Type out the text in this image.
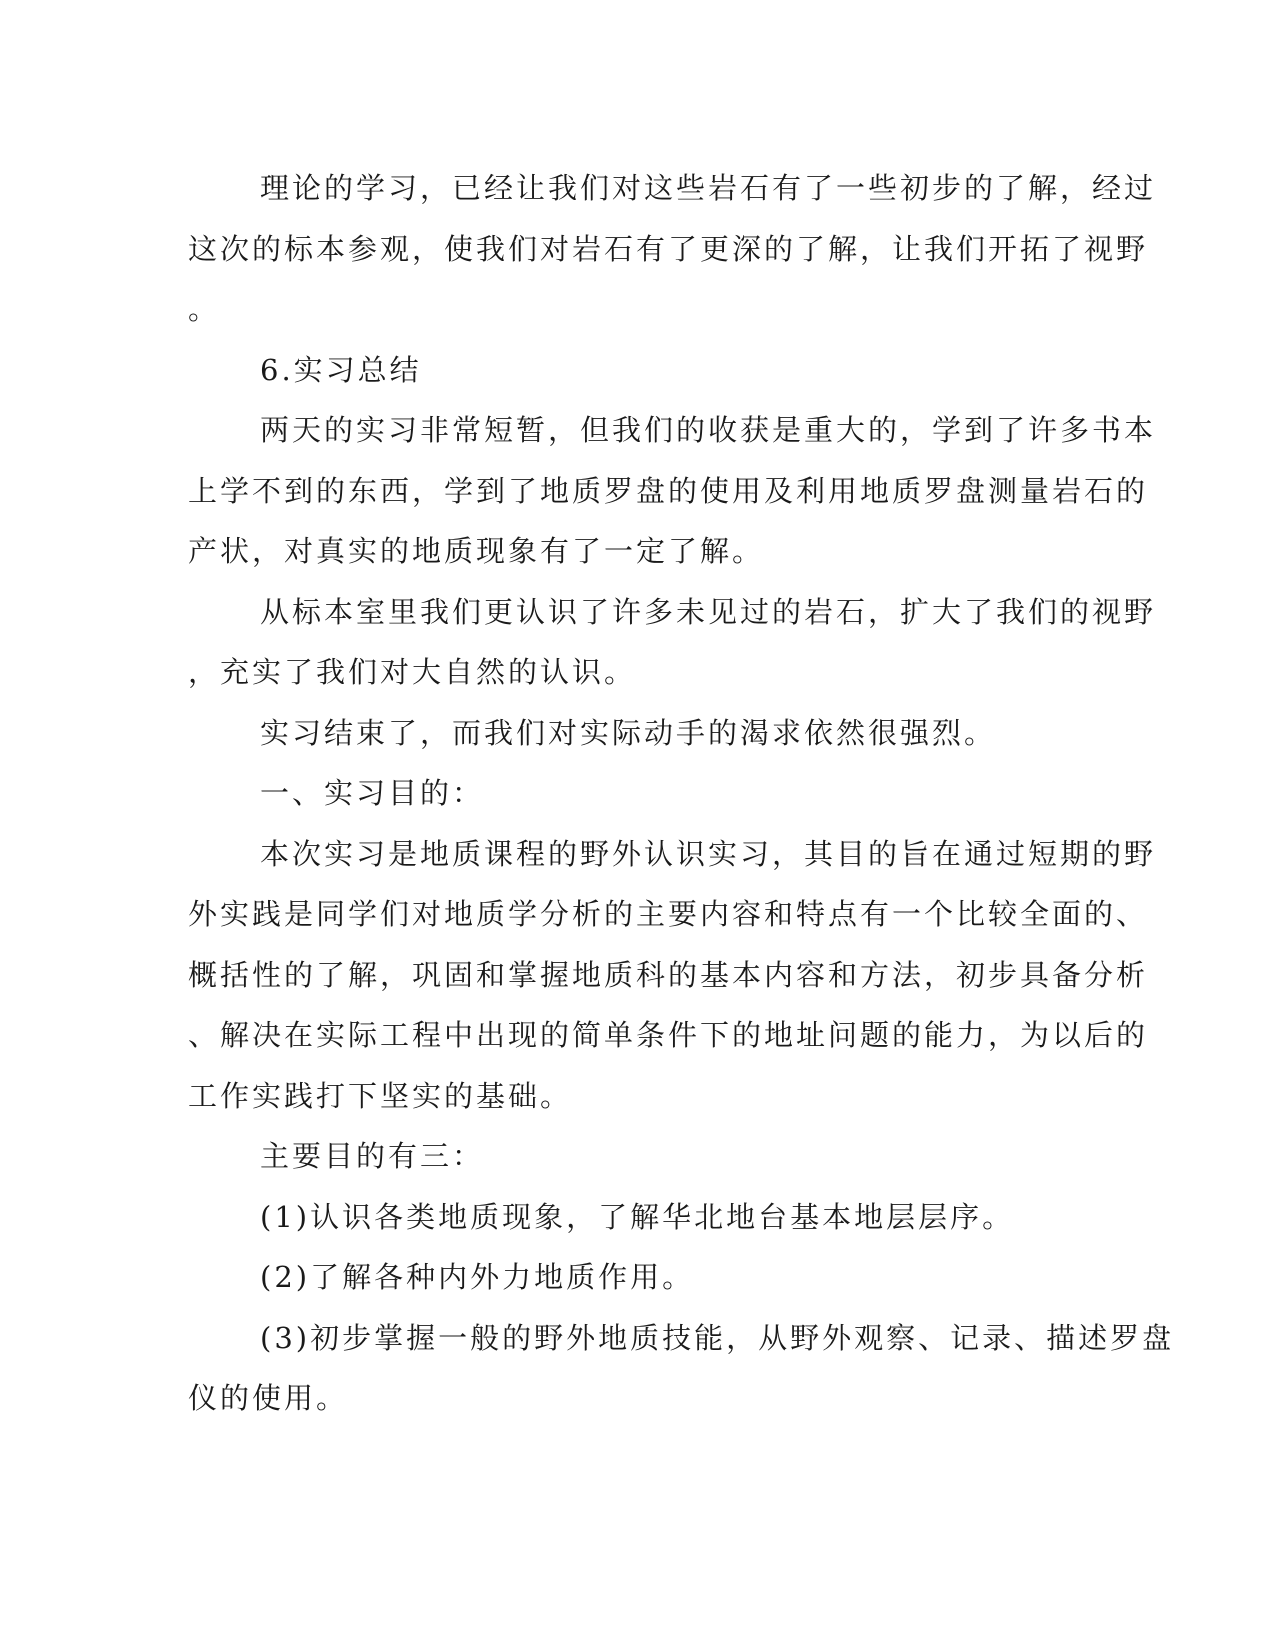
理论的学习，已经让我们对这些岩石有了一些初步的了解，经过

这次的标本参观，使我们对岩石有了更深的了解，让我们开拓了视野

。

6.实习总结

两天的实习非常短暂，但我们的收获是重大的，学到了许多书本

上学不到的东西，学到了地质罗盘的使用及利用地质罗盘测量岩石的

产状，对真实的地质现象有了一定了解。

从标本室里我们更认识了许多未见过的岩石，扩大了我们的视野

，充实了我们对大自然的认识。

实习结束了，而我们对实际动手的渴求依然很强烈。

一、实习目的：

本次实习是地质课程的野外认识实习，其目的旨在通过短期的野

外实践是同学们对地质学分析的主要内容和特点有一个比较全面的、

概括性的了解，巩固和掌握地质科的基本内容和方法，初步具备分析

、解决在实际工程中出现的简单条件下的地址问题的能力，为以后的

工作实践打下坚实的基础。

主要目的有三：

(1)认识各类地质现象，了解华北地台基本地层层序。

(2)了解各种内外力地质作用。

(3)初步掌握一般的野外地质技能，从野外观察、记录、描述罗盘

仪的使用。
